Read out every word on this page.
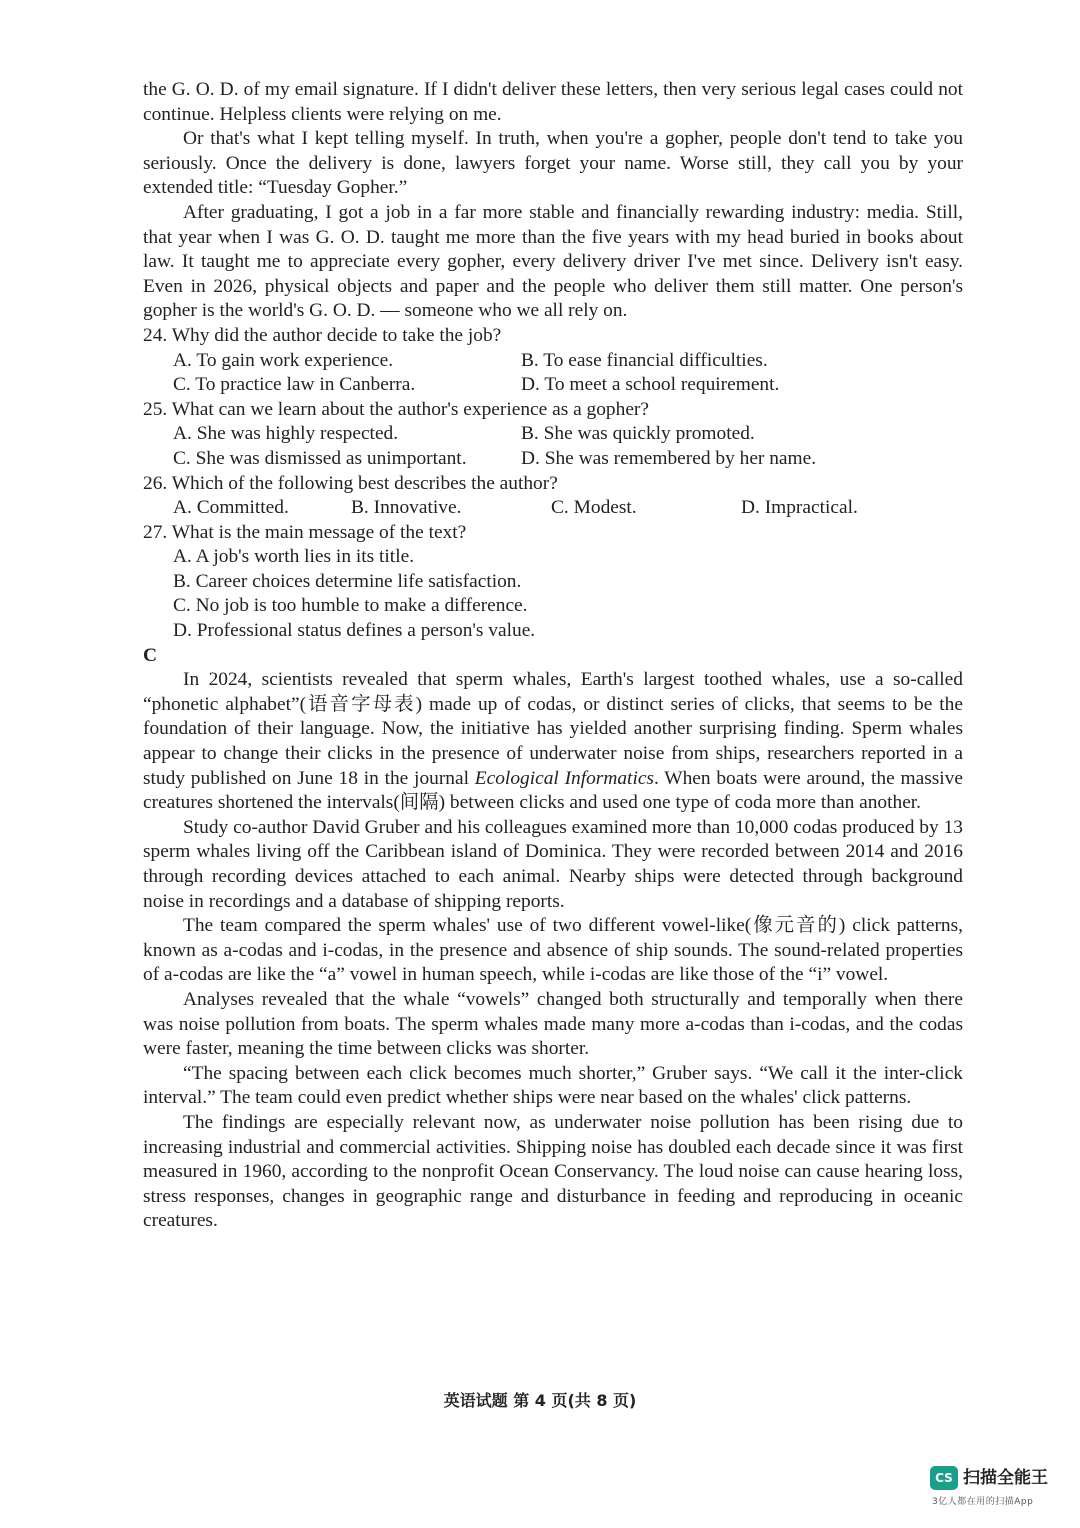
the G. O. D. of my email signature. If I didn't deliver these letters, then very serious legal cases could not continue. Helpless clients were relying on me.

Or that's what I kept telling myself. In truth, when you're a gopher, people don't tend to take you seriously. Once the delivery is done, lawyers forget your name. Worse still, they call you by your extended title: “Tuesday Gopher.”

After graduating, I got a job in a far more stable and financially rewarding industry: media. Still, that year when I was G. O. D. taught me more than the five years with my head buried in books about law. It taught me to appreciate every gopher, every delivery driver I've met since. Delivery isn't easy. Even in 2026, physical objects and paper and the people who deliver them still matter. One person's gopher is the world's G. O. D. — someone who we all rely on.

24. Why did the author decide to take the job?

A. To gain work experience.	B. To ease financial difficulties.
C. To practice law in Canberra.	D. To meet a school requirement.

25. What can we learn about the author's experience as a gopher?

A. She was highly respected.	B. She was quickly promoted.
C. She was dismissed as unimportant.	D. She was remembered by her name.

26. Which of the following best describes the author?

A. Committed.	B. Innovative.	C. Modest.	D. Impractical.

27. What is the main message of the text?

A. A job's worth lies in its title.
B. Career choices determine life satisfaction.
C. No job is too humble to make a difference.
D. Professional status defines a person's value.

C

In 2024, scientists revealed that sperm whales, Earth's largest toothed whales, use a so-called “phonetic alphabet”(语音字母表) made up of codas, or distinct series of clicks, that seems to be the foundation of their language. Now, the initiative has yielded another surprising finding. Sperm whales appear to change their clicks in the presence of underwater noise from ships, researchers reported in a study published on June 18 in the journal Ecological Informatics. When boats were around, the massive creatures shortened the intervals(间隔) between clicks and used one type of coda more than another.

Study co-author David Gruber and his colleagues examined more than 10,000 codas produced by 13 sperm whales living off the Caribbean island of Dominica. They were recorded between 2014 and 2016 through recording devices attached to each animal. Nearby ships were detected through background noise in recordings and a database of shipping reports.

The team compared the sperm whales' use of two different vowel-like(像元音的) click patterns, known as a-codas and i-codas, in the presence and absence of ship sounds. The sound-related properties of a-codas are like the “a” vowel in human speech, while i-codas are like those of the “i” vowel.

Analyses revealed that the whale “vowels” changed both structurally and temporally when there was noise pollution from boats. The sperm whales made many more a-codas than i-codas, and the codas were faster, meaning the time between clicks was shorter.

“The spacing between each click becomes much shorter,” Gruber says. “We call it the inter-click interval.” The team could even predict whether ships were near based on the whales' click patterns.

The findings are especially relevant now, as underwater noise pollution has been rising due to increasing industrial and commercial activities. Shipping noise has doubled each decade since it was first measured in 1960, according to the nonprofit Ocean Conservancy. The loud noise can cause hearing loss, stress responses, changes in geographic range and disturbance in feeding and reproducing in oceanic creatures.

英语试题 第 4 页(共 8 页)
CS 扫描全能王
3亿人都在用的扫描App
